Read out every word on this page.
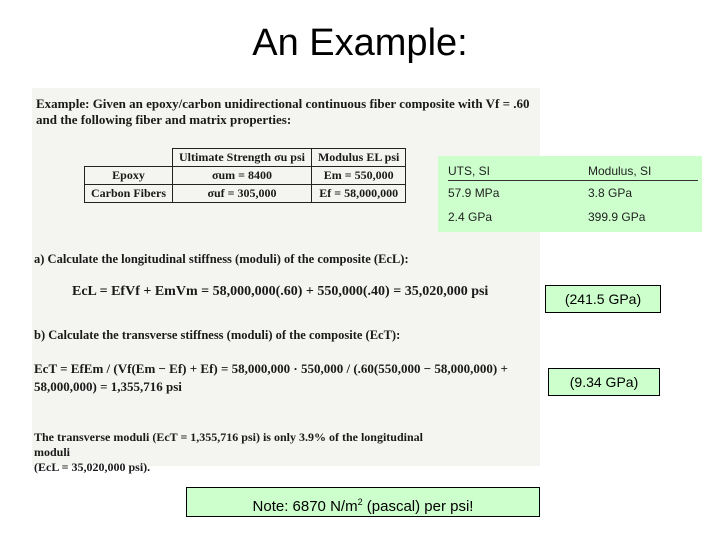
An Example:
Example: Given an epoxy/carbon unidirectional continuous fiber composite with Vf = .60
and the following fiber and matrix properties:
	Ultimate Strength σu psi	Modulus EL psi
Epoxy	σum = 8400	Em = 550,000
Carbon Fibers	σuf = 305,000	Ef = 58,000,000
a) Calculate the longitudinal stiffness (moduli) of the composite (EcL):
EcL = EfVf + EmVm = 58,000,000(.60) + 550,000(.40) = 35,020,000 psi
b) Calculate the transverse stiffness (moduli) of the composite (EcT):
EcT = EfEm / (Vf(Em − Ef) + Ef) = 58,000,000 · 550,000 / (.60(550,000 − 58,000,000) + 58,000,000) = 1,355,716 psi
The transverse moduli (EcT = 1,355,716 psi) is only 3.9% of the longitudinal moduli
(EcL = 35,020,000 psi).
UTS, SI	Modulus, SI
57.9 MPa	3.8 GPa
2.4 GPa	399.9 GPa
(241.5 GPa)
(9.34 GPa)
Note: 6870 $N/m^2$ (pascal) per psi!
